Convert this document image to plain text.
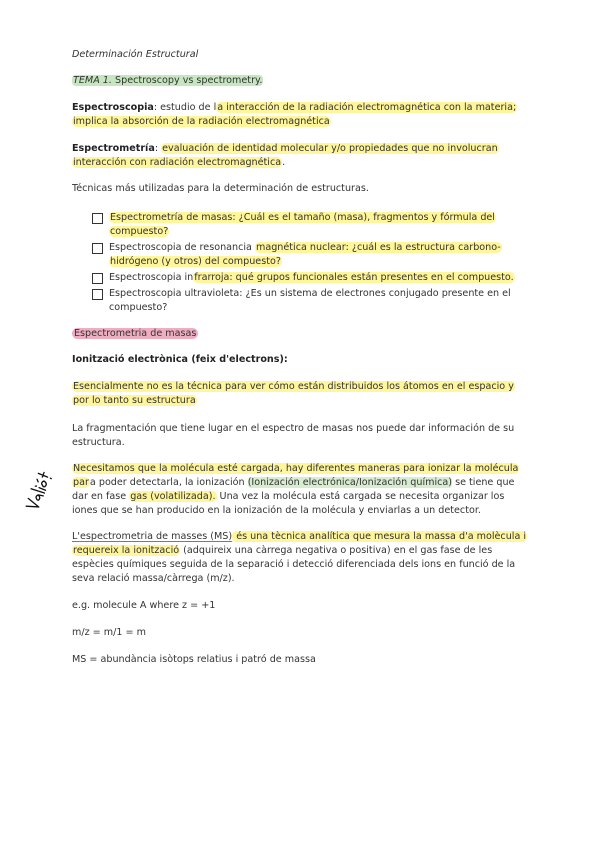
Determinación Estructural

TEMA 1. Spectroscopy vs spectrometry.

Espectroscopia: estudio de la interacción de la radiación electromagnética con la materia; implica la absorción de la radiación electromagnética

Espectrometría: evaluación de identidad molecular y/o propiedades que no involucran interacción con radiación electromagnética.

Técnicas más utilizadas para la determinación de estructuras.

Espectrometría de masas: ¿Cuál es el tamaño (masa), fragmentos y fórmula del compuesto?
Espectroscopia de resonancia magnética nuclear: ¿cuál es la estructura carbono-hidrógeno (y otros) del compuesto?
Espectroscopia infrarroja: qué grupos funcionales están presentes en el compuesto.
Espectroscopia ultravioleta: ¿Es un sistema de electrones conjugado presente en el compuesto?

Espectrometria de masas

Ionització electrònica (feix d'electrons):

Esencialmente no es la técnica para ver cómo están distribuidos los átomos en el espacio y por lo tanto su estructura

La fragmentación que tiene lugar en el espectro de masas nos puede dar información de su estructura.

Necesitamos que la molécula esté cargada, hay diferentes maneras para ionizar la molécula para poder detectarla, la ionización (Ionización electrónica/Ionización química) se tiene que dar en fase gas (volatilizada). Una vez la molécula está cargada se necesita organizar los iones que se han producido en la ionización de la molécula y enviarlas a un detector.

L'espectrometria de masses (MS) és una tècnica analítica que mesura la massa d'a molècula i requereix la ionització (adquireix una càrrega negativa o positiva) en el gas fase de les espècies químiques seguida de la separació i detecció diferenciada dels ions en funció de la seva relació massa/càrrega (m/z).

e.g. molecule A where z = +1

m/z = m/1 = m

MS = abundància isòtops relatius i patró de massa
